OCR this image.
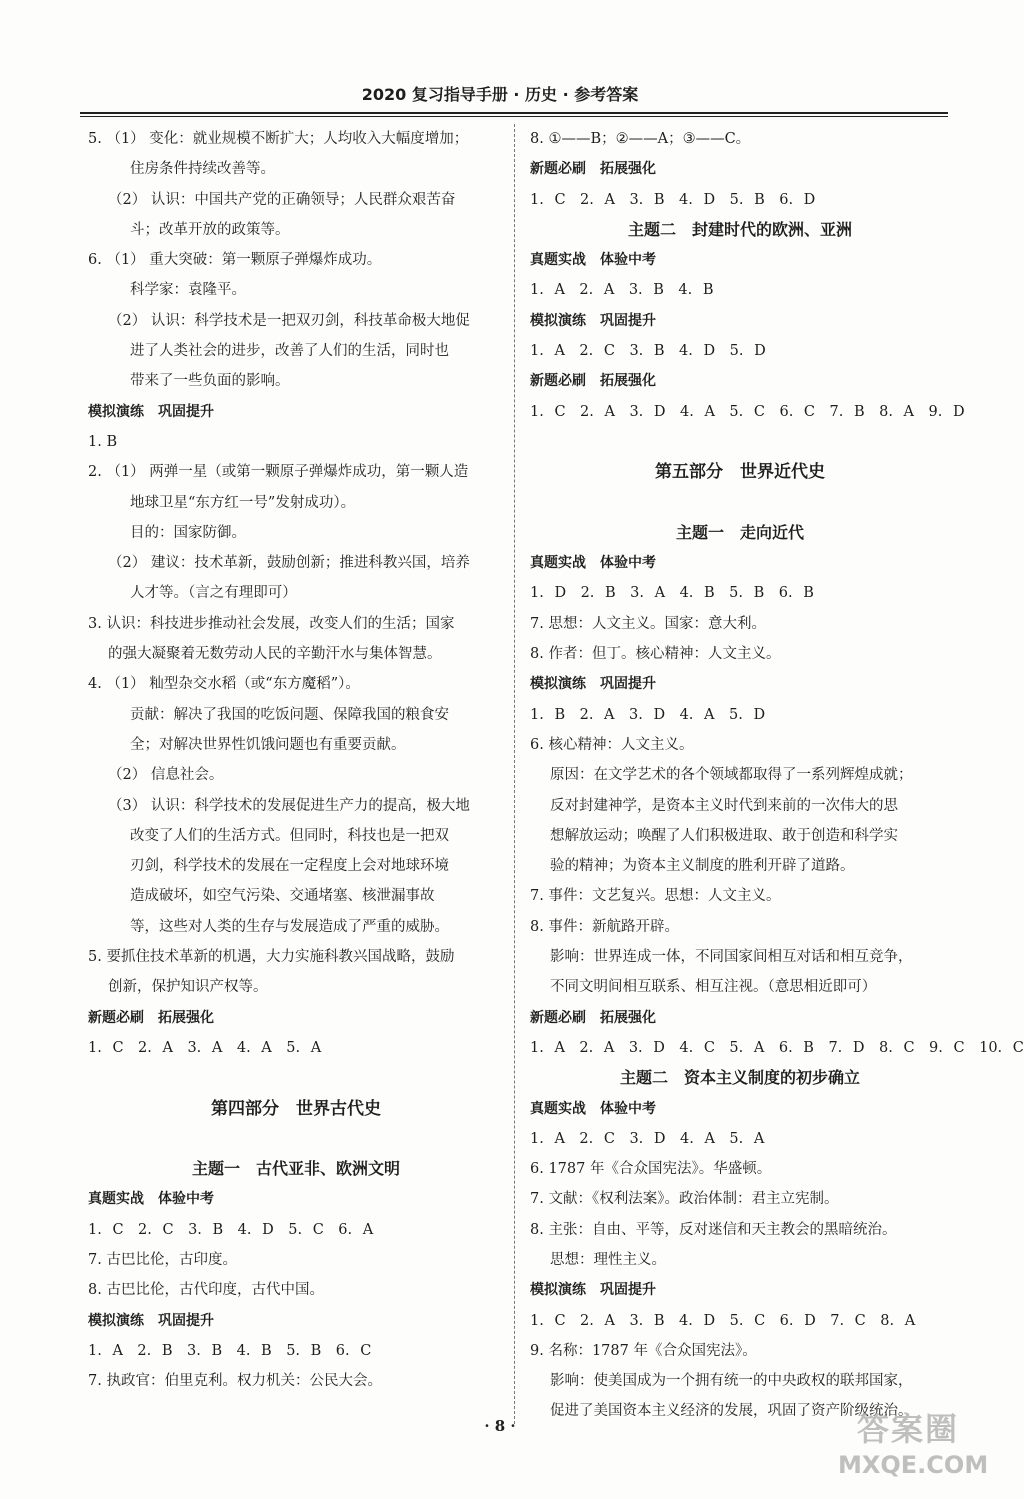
2020 复习指导手册 · 历史 · 参考答案
5. （1） 变化：就业规模不断扩大；人均收入大幅度增加；
住房条件持续改善等。
（2） 认识：中国共产党的正确领导；人民群众艰苦奋
斗；改革开放的政策等。
6. （1） 重大突破：第一颗原子弹爆炸成功。
科学家：袁隆平。
（2） 认识：科学技术是一把双刃剑，科技革命极大地促
进了人类社会的进步，改善了人们的生活，同时也
带来了一些负面的影响。
模拟演练 巩固提升
1. B
2. （1） 两弹一星（或第一颗原子弹爆炸成功，第一颗人造
地球卫星“东方红一号”发射成功）。
目的：国家防御。
（2） 建议：技术革新，鼓励创新；推进科教兴国，培养
人才等。（言之有理即可）
3. 认识：科技进步推动社会发展，改变人们的生活；国家
的强大凝聚着无数劳动人民的辛勤汗水与集体智慧。
4. （1） 籼型杂交水稻（或“东方魔稻”）。
贡献：解决了我国的吃饭问题、保障我国的粮食安
全；对解决世界性饥饿问题也有重要贡献。
（2） 信息社会。
（3） 认识：科学技术的发展促进生产力的提高，极大地
改变了人们的生活方式。但同时，科技也是一把双
刃剑，科学技术的发展在一定程度上会对地球环境
造成破坏，如空气污染、交通堵塞、核泄漏事故
等，这些对人类的生存与发展造成了严重的威胁。
5. 要抓住技术革新的机遇，大力实施科教兴国战略，鼓励
创新，保护知识产权等。
新题必刷 拓展强化
1. C　2. A　3. A　4. A　5. A
第四部分　世界古代史
主题一　古代亚非、欧洲文明
真题实战 体验中考
1. C　2. C　3. B　4. D　5. C　6. A
7. 古巴比伦，古印度。
8. 古巴比伦，古代印度，古代中国。
模拟演练 巩固提升
1. A　2. B　3. B　4. B　5. B　6. C
7. 执政官：伯里克利。权力机关：公民大会。
8. ①——B；②——A；③——C。
新题必刷 拓展强化
1. C　2. A　3. B　4. D　5. B　6. D
主题二　封建时代的欧洲、亚洲
真题实战 体验中考
1. A　2. A　3. B　4. B
模拟演练 巩固提升
1. A　2. C　3. B　4. D　5. D
新题必刷 拓展强化
1. C　2. A　3. D　4. A　5. C　6. C　7. B　8. A　9. D
第五部分　世界近代史
主题一　走向近代
真题实战 体验中考
1. D　2. B　3. A　4. B　5. B　6. B
7. 思想：人文主义。国家：意大利。
8. 作者：但丁。核心精神：人文主义。
模拟演练 巩固提升
1. B　2. A　3. D　4. A　5. D
6. 核心精神：人文主义。
原因：在文学艺术的各个领域都取得了一系列辉煌成就；
反对封建神学，是资本主义时代到来前的一次伟大的思
想解放运动；唤醒了人们积极进取、敢于创造和科学实
验的精神；为资本主义制度的胜利开辟了道路。
7. 事件：文艺复兴。思想：人文主义。
8. 事件：新航路开辟。
影响：世界连成一体，不同国家间相互对话和相互竞争，
不同文明间相互联系、相互注视。（意思相近即可）
新题必刷 拓展强化
1. A　2. A　3. D　4. C　5. A　6. B　7. D　8. C　9. C　10. C
主题二　资本主义制度的初步确立
真题实战 体验中考
1. A　2. C　3. D　4. A　5. A
6. 1787 年《合众国宪法》。华盛顿。
7. 文献：《权利法案》。政治体制：君主立宪制。
8. 主张：自由、平等，反对迷信和天主教会的黑暗统治。
思想：理性主义。
模拟演练 巩固提升
1. C　2. A　3. B　4. D　5. C　6. D　7. C　8. A
9. 名称：1787 年《合众国宪法》。
影响：使美国成为一个拥有统一的中央政权的联邦国家，
促进了美国资本主义经济的发展，巩固了资产阶级统治。
· 8 ·	答案圈
MXQE.COM
